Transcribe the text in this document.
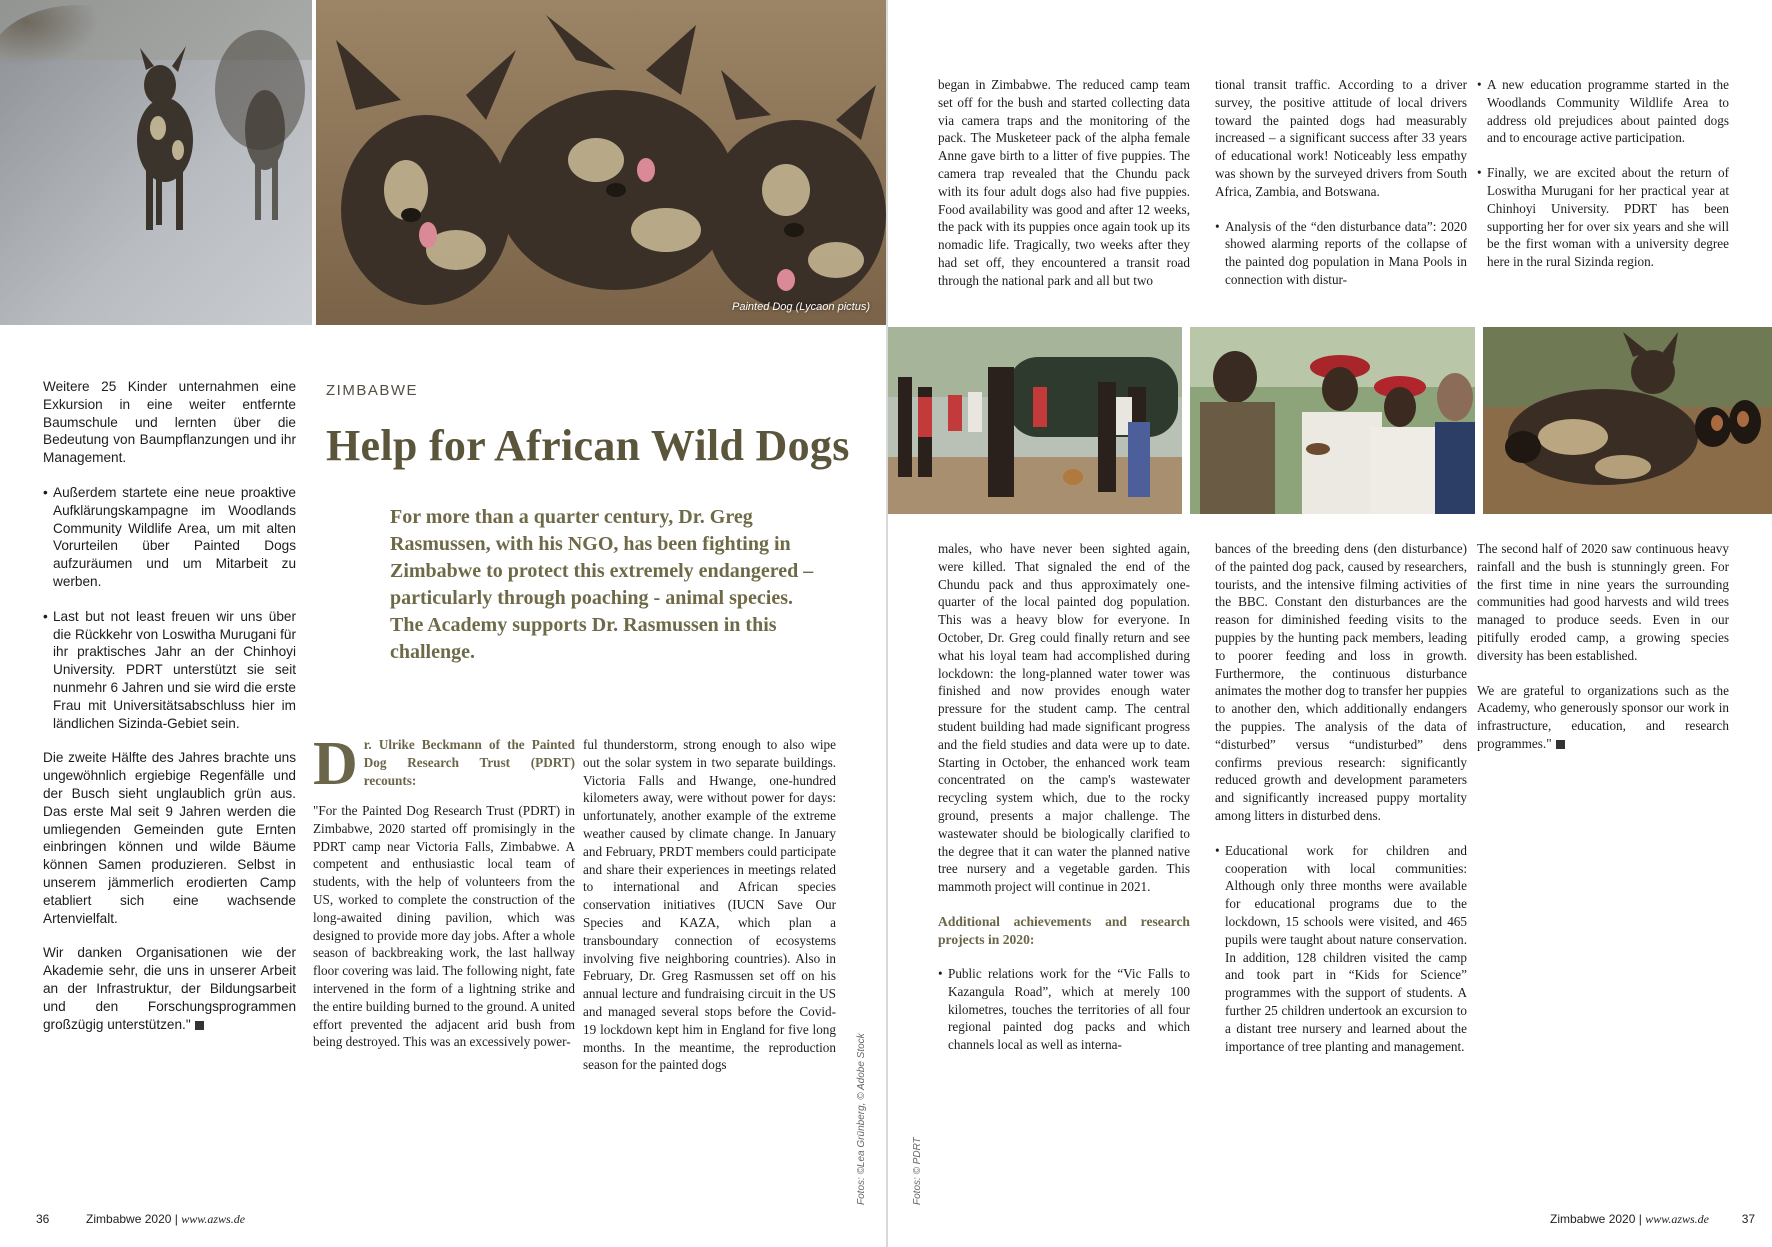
Painted Dog (Lycaon pictus)

Weitere 25 Kinder unternahmen eine Exkursion in eine weiter entfernte Baumschule und lernten über die Bedeutung von Baumpflanzungen und ihr Management.

• Außerdem startete eine neue proaktive Aufklärungskampagne im Woodlands Community Wildlife Area, um mit alten Vorurteilen über Painted Dogs aufzuräumen und um Mitarbeit zu werben.
• Last but not least freuen wir uns über die Rückkehr von Loswitha Murugani für ihr praktisches Jahr an der Chinhoyi University. PDRT unterstützt sie seit nunmehr 6 Jahren und sie wird die erste Frau mit Universitätsabschluss hier im ländlichen Sizinda-Gebiet sein.

Die zweite Hälfte des Jahres brachte uns ungewöhnlich ergiebige Regenfälle und der Busch sieht unglaublich grün aus. Das erste Mal seit 9 Jahren werden die umliegenden Gemeinden gute Ernten einbringen können und wilde Bäume können Samen produzieren. Selbst in unserem jämmerlich erodierten Camp etabliert sich eine wachsende Artenvielfalt.

Wir danken Organisationen wie der Akademie sehr, die uns in unserer Arbeit an der Infrastruktur, der Bildungsarbeit und den Forschungsprogrammen großzügig unterstützen."

ZIMBABWE
Help for African Wild Dogs
For more than a quarter century, Dr. Greg Rasmussen, with his NGO, has been fighting in Zimbabwe to protect this extremely endangered – particularly through poaching - animal species. The Academy supports Dr. Rasmussen in this challenge.
D r. Ulrike Beckmann of the Painted Dog Research Trust (PDRT) recounts:

"For the Painted Dog Research Trust (PDRT) in Zimbabwe, 2020 started off promisingly in the PDRT camp near Victoria Falls, Zimbabwe. A competent and enthusiastic local team of students, with the help of volunteers from the US, worked to complete the construction of the long-awaited dining pavilion, which was designed to provide more day jobs. After a whole season of backbreaking work, the last hallway floor covering was laid. The following night, fate intervened in the form of a lightning strike and the entire building burned to the ground. A united effort prevented the adjacent arid bush from being destroyed. This was an excessively power-

ful thunderstorm, strong enough to also wipe out the solar system in two separate buildings. Victoria Falls and Hwange, one-hundred kilometers away, were without power for days: unfortunately, another example of the extreme weather caused by climate change. In January and February, PRDT members could participate and share their experiences in meetings related to international and African species conservation initiatives (IUCN Save Our Species and KAZA, which plan a transboundary connection of ecosystems involving five neighboring countries). Also in February, Dr. Greg Rasmussen set off on his annual lecture and fundraising circuit in the US and managed several stops before the Covid- 19 lockdown kept him in England for five long months. In the meantime, the reproduction season for the painted dogs	Fotos: ©Lea Grünberg, © Adobe Stock
36	Zimbabwe 2020 | www.azws.de

began in Zimbabwe. The reduced camp team set off for the bush and started collecting data via camera traps and the monitoring of the pack. The Musketeer pack of the alpha female Anne gave birth to a litter of five puppies. The camera trap revealed that the Chundu pack with its four adult dogs also had five puppies. Food availability was good and after 12 weeks, the pack with its puppies once again took up its nomadic life. Tragically, two weeks after they had set off, they encountered a transit road through the national park and all but two

tional transit traffic. According to a driver survey, the positive attitude of local drivers toward the painted dogs had measurably increased – a significant success after 33 years of educational work! Noticeably less empathy was shown by the surveyed drivers from South Africa, Zambia, and Botswana.

• Analysis of the “den disturbance data”: 2020 showed alarming reports of the collapse of the painted dog population in Mana Pools in connection with distur-
• A new education programme started in the Woodlands Community Wildlife Area to address old prejudices about painted dogs and to encourage active participation.
• Finally, we are excited about the return of Loswitha Murugani for her practical year at Chinhoyi University. PDRT has been supporting her for over six years and she will be the first woman with a university degree here in the rural Sizinda region.

males, who have never been sighted again, were killed. That signaled the end of the Chundu pack and thus approximately one-quarter of the local painted dog population. This was a heavy blow for everyone. In October, Dr. Greg could finally return and see what his loyal team had accomplished during lockdown: the long-planned water tower was finished and now provides enough water pressure for the student camp. The central student building had made significant progress and the field studies and data were up to date. Starting in October, the enhanced work team concentrated on the camp's wastewater recycling system which, due to the rocky ground, presents a major challenge. The wastewater should be biologically clarified to the degree that it can water the planned native tree nursery and a vegetable garden. This mammoth project will continue in 2021.

Additional achievements and research projects in 2020:
• Public relations work for the “Vic Falls to Kazangula Road”, which at merely 100 kilometres, touches the territories of all four regional painted dog packs and which channels local as well as interna-

bances of the breeding dens (den disturbance) of the painted dog pack, caused by researchers, tourists, and the intensive filming activities of the BBC. Constant den disturbances are the reason for diminished feeding visits to the puppies by the hunting pack members, leading to poorer feeding and loss in growth. Furthermore, the continuous disturbance animates the mother dog to transfer her puppies to another den, which additionally endangers the puppies. The analysis of the data of “disturbed” versus “undisturbed” dens confirms previous research: significantly reduced growth and development parameters and significantly increased puppy mortality among litters in disturbed dens.

• Educational work for children and cooperation with local communities: Although only three months were available for educational programs due to the lockdown, 15 schools were visited, and 465 pupils were taught about nature conservation. In addition, 128 children visited the camp and took part in “Kids for Science” programmes with the support of students. A further 25 children undertook an excursion to a distant tree nursery and learned about the importance of tree planting and management.

The second half of 2020 saw continuous heavy rainfall and the bush is stunningly green. For the first time in nine years the surrounding communities had good harvests and wild trees managed to produce seeds. Even in our pitifully eroded camp, a growing species diversity has been established.

We are grateful to organizations such as the Academy, who generously sponsor our work in infrastructure, education, and research programmes."

Fotos: © PDRT
Zimbabwe 2020 | www.azws.de	37
